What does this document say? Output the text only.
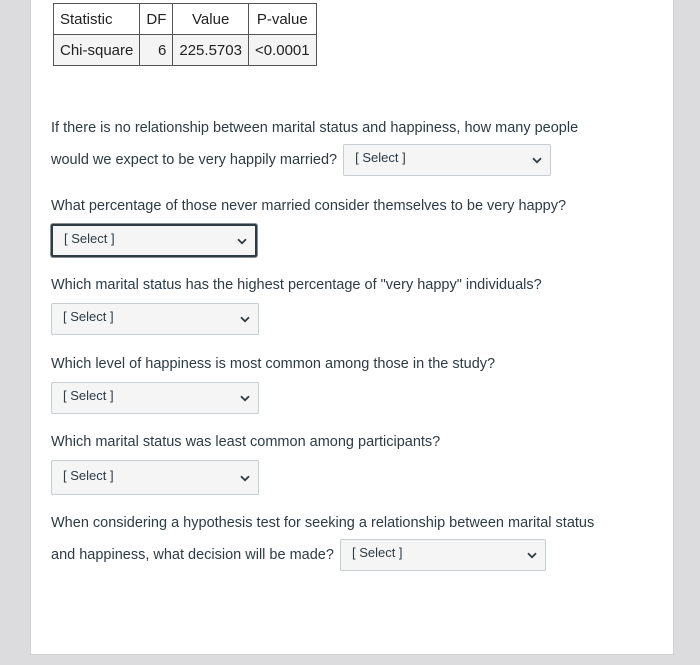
Statistic	DF	Value	P-value
Chi-square	6	225.5703	<0.0001
If there is no relationship between marital status and happiness, how many people
would we expect to be very happily married? [ Select ]
What percentage of those never married consider themselves to be very happy?
[ Select ]
Which marital status has the highest percentage of "very happy" individuals?
[ Select ]
Which level of happiness is most common among those in the study?
[ Select ]
Which marital status was least common among participants?
[ Select ]
When considering a hypothesis test for seeking a relationship between marital status
and happiness, what decision will be made? [ Select ]
